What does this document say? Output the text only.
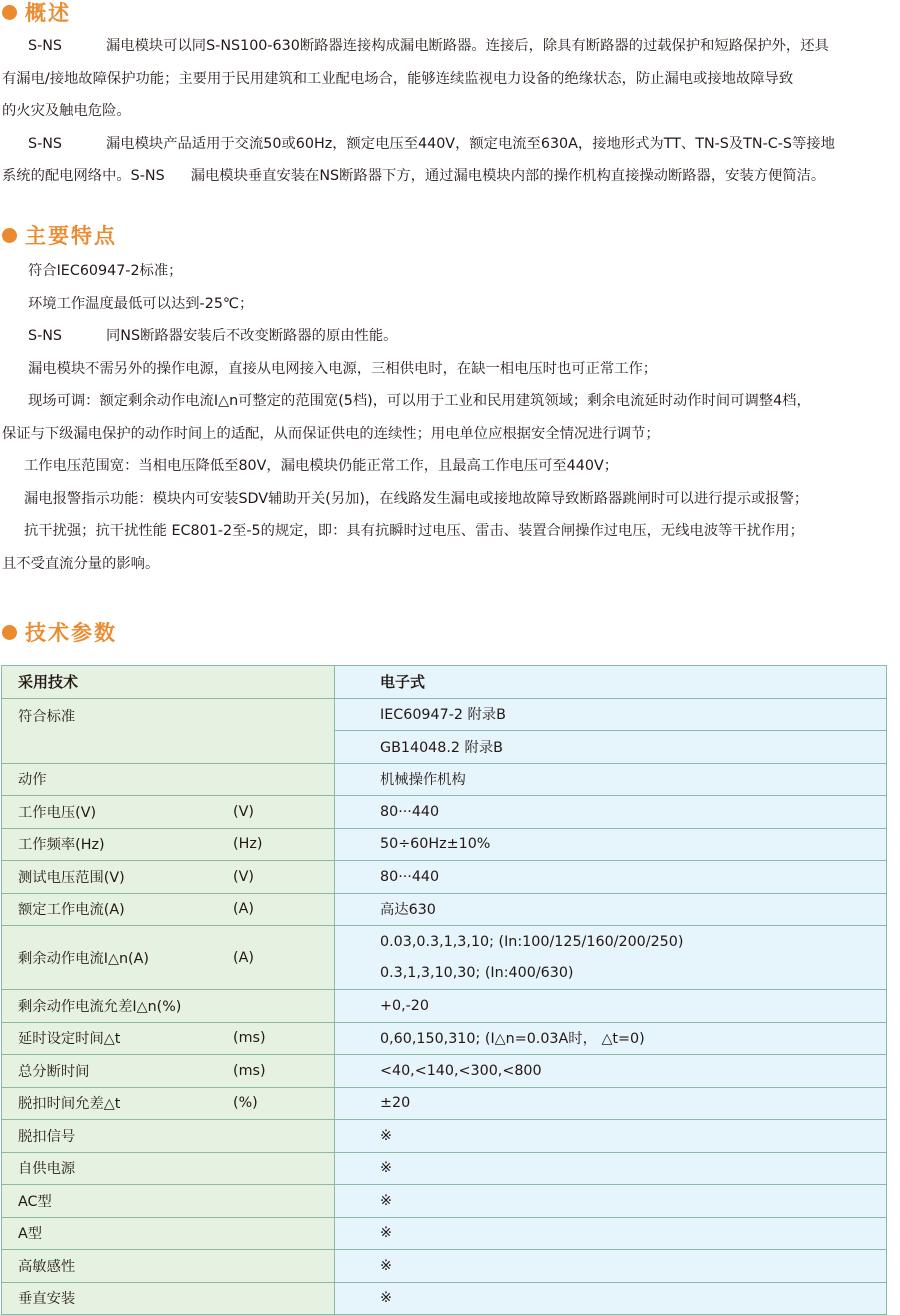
概述
S-NS	漏电模块可以同S-NS100-630断路器连接构成漏电断路器。连接后，除具有断路器的过载保护和短路保护外，还具
有漏电/接地故障保护功能；主要用于民用建筑和工业配电场合，能够连续监视电力设备的绝缘状态，防止漏电或接地故障导致
的火灾及触电危险。
S-NS	漏电模块产品适用于交流50或60Hz，额定电压至440V，额定电流至630A，接地形式为TT、TN-S及TN-C-S等接地
系统的配电网络中。S-NS 漏电模块垂直安装在NS断路器下方，通过漏电模块内部的操作机构直接操动断路器，安装方便简洁。
主要特点
符合IEC60947-2标准；
环境工作温度最低可以达到-25℃；
S-NS	同NS断路器安装后不改变断路器的原由性能。
漏电模块不需另外的操作电源，直接从电网接入电源，三相供电时，在缺一相电压时也可正常工作；
现场可调：额定剩余动作电流I△n可整定的范围宽(5档)，可以用于工业和民用建筑领域；剩余电流延时动作时间可调整4档，
保证与下级漏电保护的动作时间上的适配，从而保证供电的连续性；用电单位应根据安全情况进行调节；
工作电压范围宽：当相电压降低至80V，漏电模块仍能正常工作，且最高工作电压可至440V；
漏电报警指示功能：模块内可安装SDV辅助开关(另加)，在线路发生漏电或接地故障导致断路器跳闸时可以进行提示或报警；
抗干扰强；抗干扰性能 EC801-2至-5的规定，即：具有抗瞬时过电压、雷击、装置合闸操作过电压，无线电波等干扰作用；
且不受直流分量的影响。
技术参数
采用技术	电子式

符合标准	IEC60947-2 附录B
	GB14048.2 附录B

动作	机械操作机构

工作电压(V) (V)	80···440

工作频率(Hz) (Hz)	50÷60Hz±10%

测试电压范围(V) (V)	80···440

额定工作电流(A) (A)	高达630

剩余动作电流I△n(A) (A)	0.03,0.3,1,3,10; (In:100/125/160/200/250)
	0.3,1,3,10,30; (In:400/630)

剩余动作电流允差I△n(%)	+0,-20

延时设定时间△t (ms)	0,60,150,310; (I△n=0.03A时， △t=0)

总分断时间 (ms)	<40,<140,<300,<800

脱扣时间允差△t (%)	±20

脱扣信号	※

自供电源	※

AC型	※

A型	※

高敏感性	※

垂直安装	※
